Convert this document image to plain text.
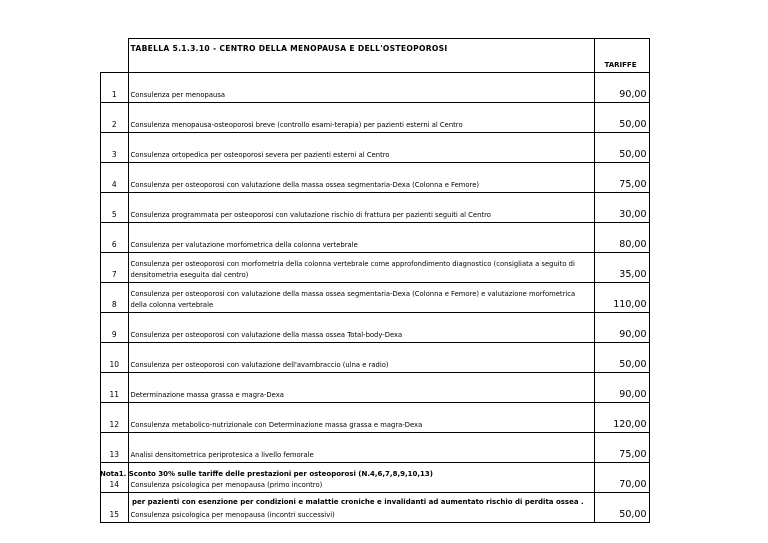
	TABELLA 5.1.3.10 - CENTRO DELLA MENOPAUSA E DELL'OSTEOPOROSI	TARIFFE
1	Consulenza per menopausa	90,00
2	Consulenza menopausa-osteoporosi breve (controllo esami-terapia) per pazienti esterni al Centro	50,00
3	Consulenza ortopedica per osteoporosi severa per pazienti esterni al Centro	50,00
4	Consulenza per osteoporosi con valutazione della massa ossea segmentaria-Dexa (Colonna e Femore)	75,00
5	Consulenza programmata per osteoporosi con valutazione rischio di frattura per pazienti seguiti al Centro	30,00
6	Consulenza per valutazione morfometrica della colonna vertebrale	80,00
7	Consulenza per osteoporosi con morfometria della colonna vertebrale come approfondimento diagnostico (consigliata a seguito di densitometria eseguita dal centro)	35,00
8	Consulenza per osteoporosi con valutazione della massa ossea segmentaria-Dexa (Colonna e Femore) e valutazione morfometrica della colonna vertebrale	110,00
9	Consulenza per osteoporosi con valutazione della massa ossea Total-body-Dexa	90,00
10	Consulenza per osteoporosi con valutazione dell'avambraccio (ulna e radio)	50,00
11	Determinazione massa grassa e magra-Dexa	90,00
12	Consulenza metabolico-nutrizionale con Determinazione massa grassa e magra-Dexa	120,00
13	Analisi densitometrica periprotesica a livello femorale	75,00
14	Consulenza psicologica per menopausa (primo incontro)	70,00
15	Consulenza psicologica per menopausa (incontri successivi)	50,00
Nota1. Sconto 30% sulle tariffe delle prestazioni per osteoporosi (N.4,6,7,8,9,10,13)
per pazienti con esenzione per condizioni e malattie croniche e invalidanti ad aumentato rischio di perdita ossea .
